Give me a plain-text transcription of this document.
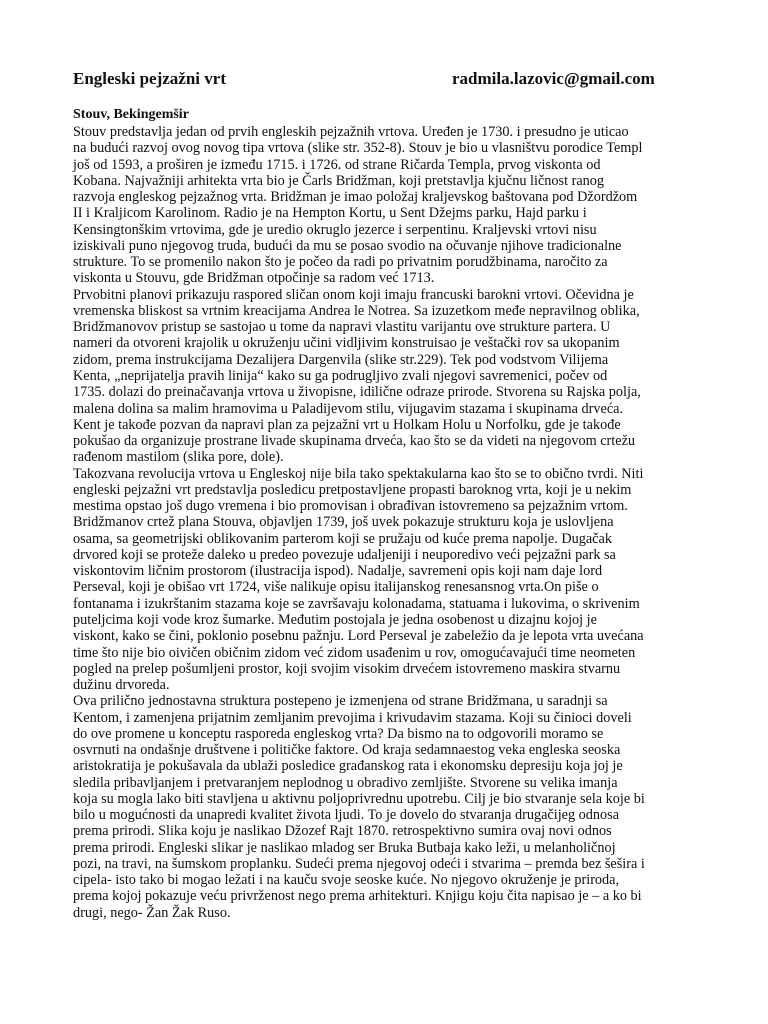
Engleski pejzažni vrt	radmila.lazovic@gmail.com
Stouv, Bekingemšir
Stouv predstavlja jedan od prvih engleskih pejzažnih vrtova. Uređen je 1730. i presudno je uticao
na budući razvoj ovog novog tipa vrtova (slike str. 352-8). Stouv je bio u vlasništvu porodice Templ
još od 1593, a proširen je između 1715. i 1726. od strane Ričarda Templa, prvog viskonta od
Kobana. Najvažniji arhitekta vrta bio je Čarls Bridžman, koji pretstavlja kjučnu ličnost ranog
razvoja engleskog pejzažnog vrta. Bridžman je imao položaj kraljevskog baštovana pod Džordžom
II i Kraljicom Karolinom. Radio je na Hempton Kortu, u Sent Džejms parku, Hajd parku i
Kensingtonškim vrtovima, gde je uredio okruglo jezerce i serpentinu. Kraljevski vrtovi nisu
iziskivali puno njegovog truda, budući da mu se posao svodio na očuvanje njihove tradicionalne
strukture. To se promenilo nakon što je počeo da radi po privatnim porudžbinama, naročito za
viskonta u Stouvu, gde Bridžman otpočinje sa radom već 1713.
Prvobitni planovi prikazuju raspored sličan onom koji imaju francuski barokni vrtovi. Očevidna je
vremenska bliskost sa vrtnim kreacijama Andrea le Notrea. Sa izuzetkom međe nepravilnog oblika,
Bridžmanovov pristup se sastojao u tome da napravi vlastitu varijantu ove strukture partera. U
nameri da otvoreni krajolik u okruženju učini vidljivim konstruisao je veštački rov sa ukopanim
zidom, prema instrukcijama Dezalijera Dargenvila (slike str.229). Tek pod vodstvom Vilijema
Kenta, „neprijatelja pravih linija“ kako su ga podrugljivo zvali njegovi savremenici, počev od
1735. dolazi do preinačavanja vrtova u živopisne, idilične odraze prirode. Stvorena su Rajska polja,
malena dolina sa malim hramovima u Paladijevom stilu, vijugavim stazama i skupinama drveća.
Kent je takođe pozvan da napravi plan za pejzažni vrt u Holkam Holu u Norfolku, gde je takođe
pokušao da organizuje prostrane livade skupinama drveća, kao što se da videti na njegovom crtežu
rađenom mastilom (slika pore, dole).
Takozvana revolucija vrtova u Engleskoj nije bila tako spektakularna kao što se to obično tvrdi. Niti
engleski pejzažni vrt predstavlja posledicu pretpostavljene propasti baroknog vrta, koji je u nekim
mestima opstao još dugo vremena i bio promovisan i obrađivan istovremeno sa pejzažnim vrtom.
Bridžmanov crtež plana Stouva, objavljen 1739, još uvek pokazuje strukturu koja je uslovljena
osama, sa geometrijski oblikovanim parterom koji se pružaju od kuće prema napolje. Dugačak
drvored koji se proteže daleko u predeo povezuje udaljeniji i neuporedivo veći pejzažni park sa
viskontovim ličnim prostorom (ilustracija ispod). Nadalje, savremeni opis koji nam daje lord
Perseval, koji je obišao vrt 1724, više nalikuje opisu italijanskog renesansnog vrta.On piše o
fontanama i izukrštanim stazama koje se završavaju kolonadama, statuama i lukovima, o skrivenim
puteljcima koji vode kroz šumarke. Međutim postojala je jedna osobenost u dizajnu kojoj je
viskont, kako se čini, poklonio posebnu pažnju. Lord Perseval je zabeležio da je lepota vrta uvećana
time što nije bio oivičen običnim zidom već zidom usađenim u rov, omogućavajući time neometen
pogled na prelep pošumljeni prostor, koji svojim visokim drvećem istovremeno maskira stvarnu
dužinu drvoreda.
Ova prilično jednostavna struktura postepeno je izmenjena od strane Bridžmana, u saradnji sa
Kentom, i zamenjena prijatnim zemljanim prevojima i krivudavim stazama. Koji su činioci doveli
do ove promene u konceptu rasporeda engleskog vrta? Da bismo na to odgovorili moramo se
osvrnuti na ondašnje društvene i političke faktore. Od kraja sedamnaestog veka engleska seoska
aristokratija je pokušavala da ublaži posledice građanskog rata i ekonomsku depresiju koja joj je
sledila pribavljanjem i pretvaranjem neplodnog u obradivo zemljište. Stvorene su velika imanja
koja su mogla lako biti stavljena u aktivnu poljoprivrednu upotrebu. Cilj je bio stvaranje sela koje bi
bilo u mogućnosti da unapredi kvalitet života ljudi. To je dovelo do stvaranja drugačijeg odnosa
prema prirodi. Slika koju je naslikao Džozef Rajt 1870. retrospektivno sumira ovaj novi odnos
prema prirodi. Engleski slikar je naslikao mladog ser Bruka Butbaja kako leži, u melanholičnoj
pozi, na travi, na šumskom proplanku. Sudeći prema njegovoj odeći i stvarima – premda bez šešira i
cipela- isto tako bi mogao ležati i na kauču svoje seoske kuće. No njegovo okruženje je priroda,
prema kojoj pokazuje veću privrženost nego prema arhitekturi. Knjigu koju čita napisao je – a ko bi
drugi, nego- Žan Žak Ruso.
